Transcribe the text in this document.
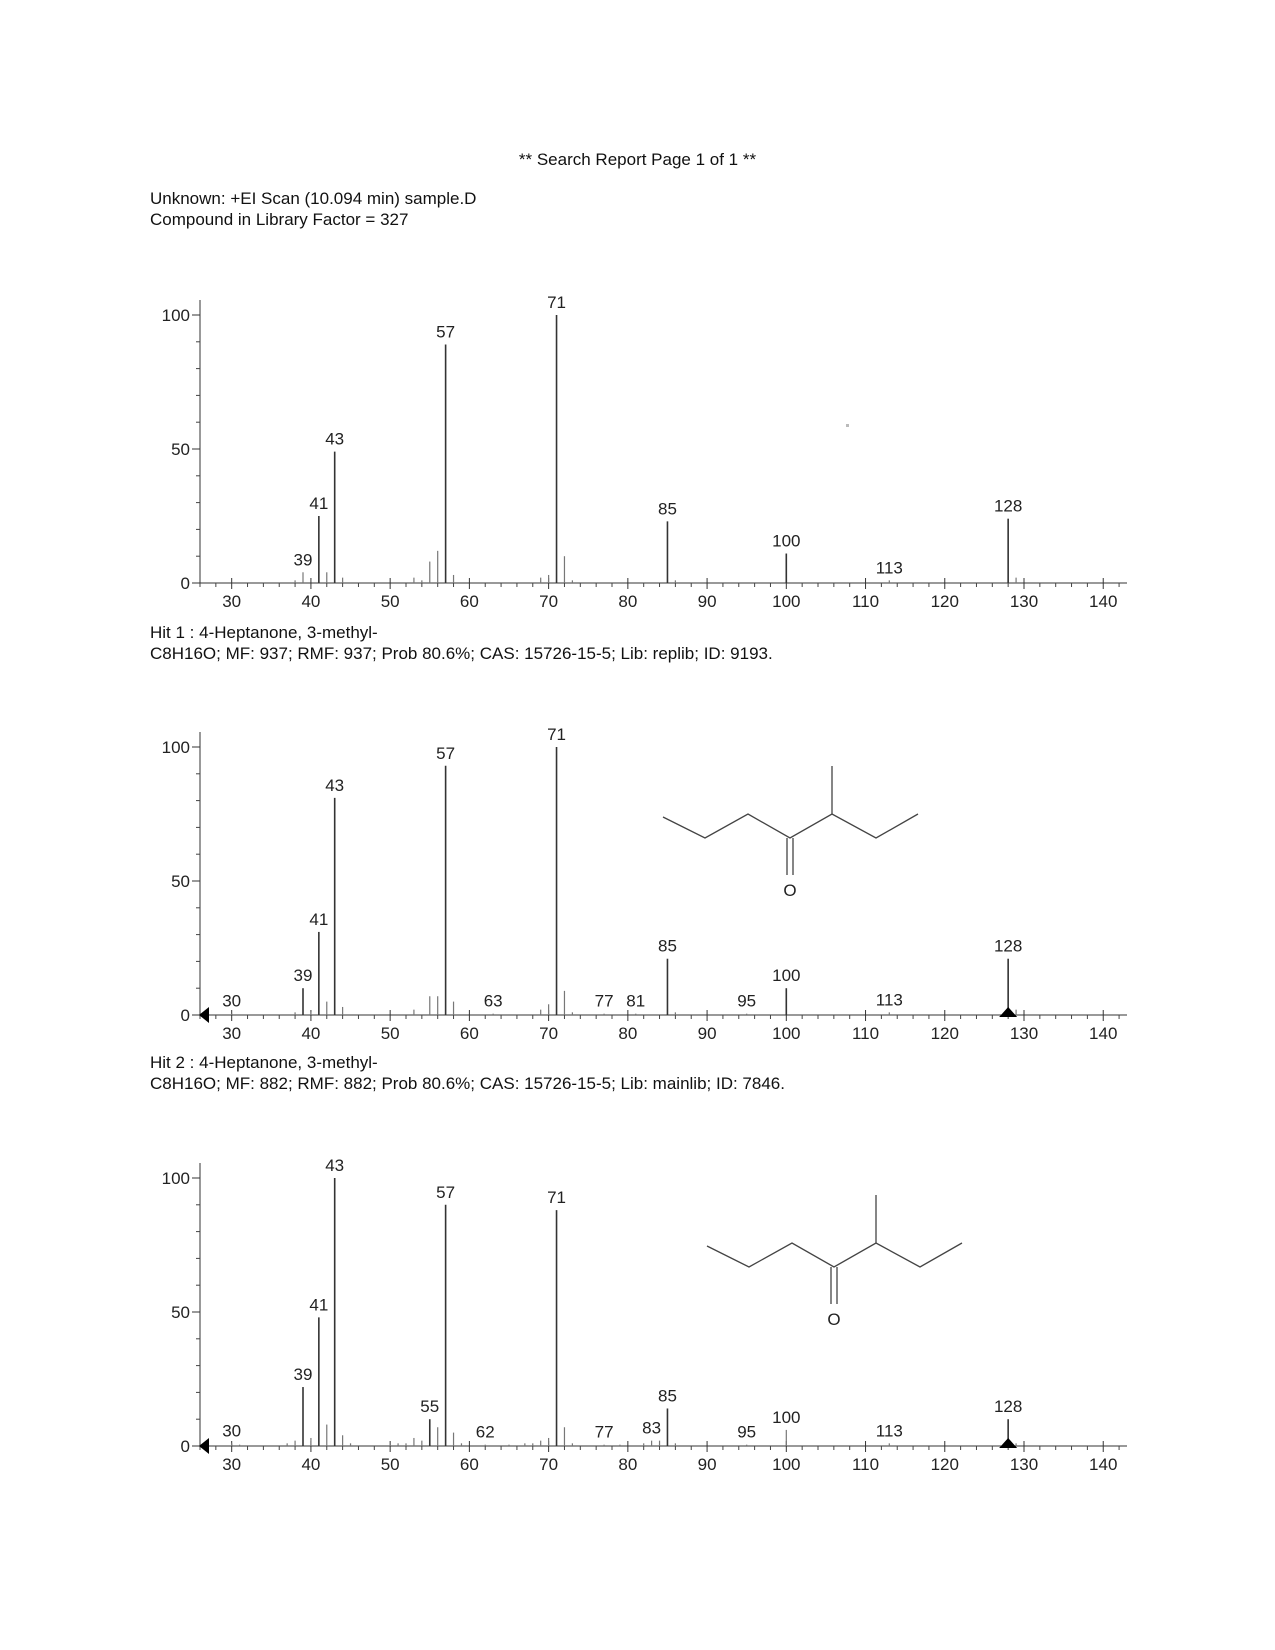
** Search Report Page 1 of 1 **
Unknown: +EI Scan (10.094 min) sample.D
Compound in Library Factor = 327
30	40	50	60	70	80	90	100	110	120	130	140
0
50
100
39
41
43
57
71
85
100
113
128
Hit 1 : 4-Heptanone, 3-methyl-
C8H16O; MF: 937; RMF: 937; Prob 80.6%; CAS: 15726-15-5; Lib: replib; ID: 9193.
30	40	50	60	70	80	90	100	110	120	130	140
0
50
100
30
39
41
43
57
63
71
77 81
85
95
100
113
128
O
Hit 2 : 4-Heptanone, 3-methyl-
C8H16O; MF: 882; RMF: 882; Prob 80.6%; CAS: 15726-15-5; Lib: mainlib; ID: 7846.
30	40	50	60	70	80	90	100	110	120	130	140
0
50
100
30
39
41
43
55
57
62
71
77 83
85
95
100
113
128
O
